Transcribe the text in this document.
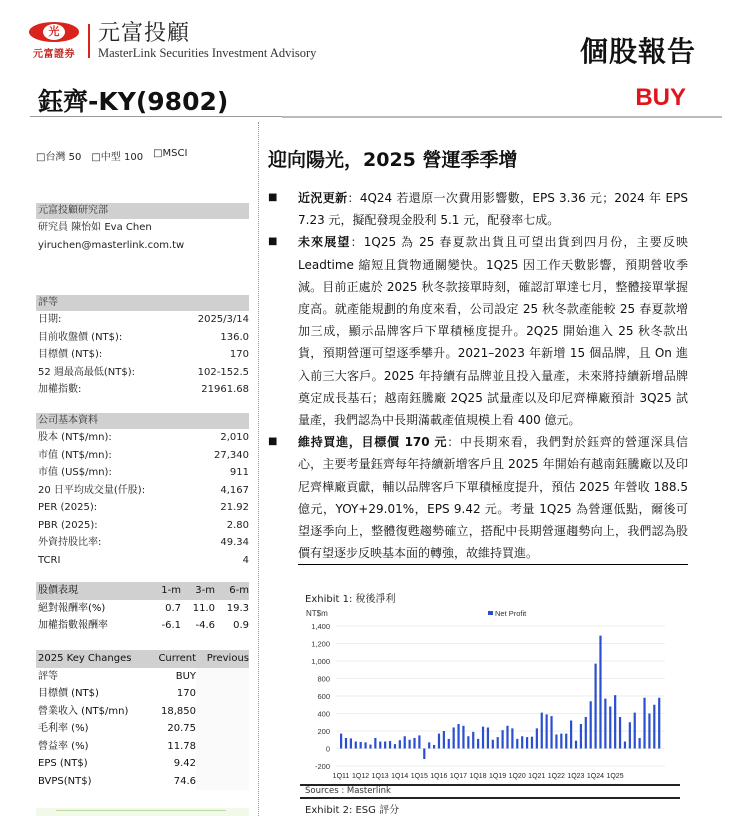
光
元富證券
元富投顧
MasterLink Securities Investment Advisory	個股報告
鈺齊-KY(9802)	BUY
□台灣 50 □中型 100 □MSCI
元富投顧研究部
研究員 陳怡如 Eva Chen
yiruchen@masterlink.com.tw
評等
日期:	2025/3/14
目前收盤價 (NT$):	136.0
目標價 (NT$):	170
52 週最高最低(NT$):	102-152.5
加權指數:	21961.68
公司基本資料
股本 (NT$/mn):	2,010
市值 (NT$/mn):	27,340
市值 (US$/mn):	911
20 日平均成交量(仟股):	4,167
PER (2025):	21.92
PBR (2025):	2.80
外資持股比率:	49.34
TCRI	4
股價表現	1-m	3-m	6-m
絕對報酬率(%)	0.7	11.0	19.3
加權指數報酬率	-6.1	-4.6	0.9
2025 Key Changes	Current	Previous
評等	BUY
目標價 (NT$)	170
營業收入 (NT$/mn)	18,850
毛利率 (%)	20.75
營益率 (%)	11.78
EPS (NT$)	9.42
BVPS(NT$)	74.6
迎向陽光，2025 營運季季增
■	近況更新：4Q24 若還原一次費用影響數，EPS 3.36 元；2024 年 EPS 7.23 元，擬配發現金股利 5.1 元，配發率七成。
■	未來展望：1Q25 為 25 春夏款出貨且可望出貨到四月份，主要反映 Leadtime 縮短且貨物通關變快。1Q25 因工作天數影響，預期營收季減。目前正處於 2025 秋冬款接單時刻，確認訂單達七月，整體接單掌握度高。就產能規劃的角度來看，公司設定 25 秋冬款產能較 25 春夏款增加三成，顯示品牌客戶下單積極度提升。2Q25 開始進入 25 秋冬款出貨，預期營運可望逐季攀升。2021–2023 年新增 15 個品牌，且 On 進入前三大客戶。2025 年持續有品牌並且投入量產，未來將持續新增品牌奠定成長基石；越南鈺騰廠 2Q25 試量產以及印尼齊樺廠預計 3Q25 試量產，我們認為中長期滿載產值規模上看 400 億元。
■	維持買進，目標價 170 元：中長期來看，我們對於鈺齊的營運深具信心，主要考量鈺齊每年持續新增客戶且 2025 年開始有越南鈺騰廠以及印尼齊樺廠貢獻，輔以品牌客戶下單積極度提升，預估 2025 年營收 188.5 億元，YOY+29.01%，EPS 9.42 元。考量 1Q25 為營運低點，爾後可望逐季向上，整體復甦趨勢確立，搭配中長期營運趨勢向上，我們認為股價有望逐步反映基本面的轉強，故維持買進。
Exhibit 1: 稅後淨利
NT$m
-200
0
200
400
600
800
1,000
1,200
1,400
Net Profit
1Q11 1Q12 1Q13 1Q14 1Q15 1Q16 1Q17 1Q18 1Q19 1Q20 1Q21 1Q22 1Q23 1Q24 1Q25
Sources : Masterlink
Exhibit 2: ESG 評分
